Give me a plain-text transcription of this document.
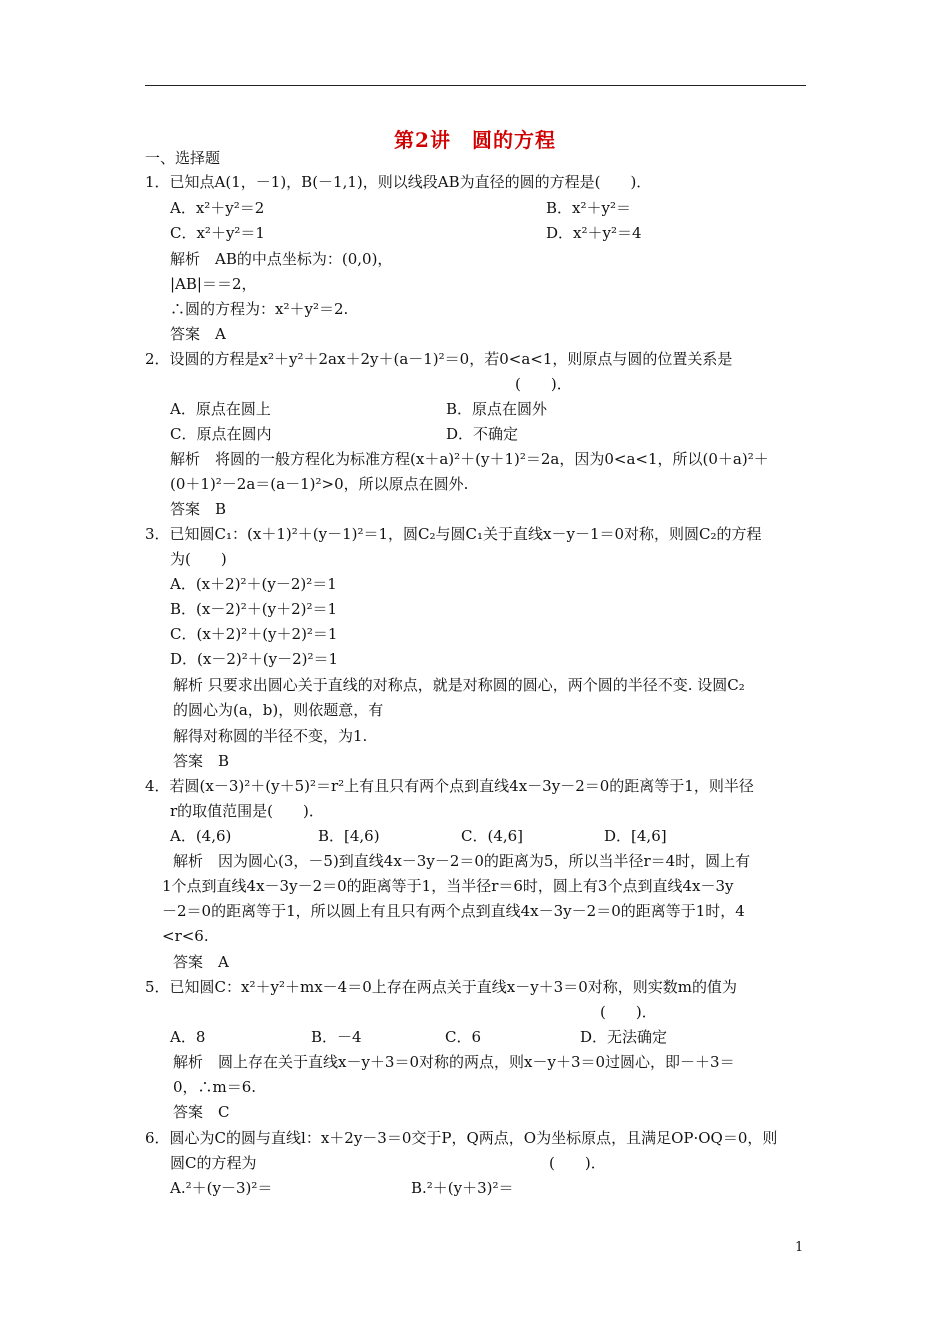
第2讲　圆的方程
一、选择题
1．已知点A(1，－1)，B(－1,1)，则以线段AB为直径的圆的方程是(　　)．
A．x²＋y²＝2	B．x²＋y²＝
C．x²＋y²＝1	D．x²＋y²＝4
解析　AB的中点坐标为：(0,0)，
|AB|＝＝2，
∴圆的方程为：x²＋y²＝2.
答案　A
2．设圆的方程是x²＋y²＋2ax＋2y＋(a－1)²＝0，若0<a<1，则原点与圆的位置关系是
(　　)．
A．原点在圆上	B．原点在圆外
C．原点在圆内	D．不确定
解析　将圆的一般方程化为标准方程(x＋a)²＋(y＋1)²＝2a，因为0<a<1，所以(0＋a)²＋
(0＋1)²－2a＝(a－1)²>0，所以原点在圆外.
答案　B
3．已知圆C₁：(x＋1)²＋(y－1)²＝1，圆C₂与圆C₁关于直线x－y－1＝0对称，则圆C₂的方程
为(　　)
A．(x＋2)²＋(y－2)²＝1
B．(x－2)²＋(y＋2)²＝1
C．(x＋2)²＋(y＋2)²＝1
D．(x－2)²＋(y－2)²＝1
解析 只要求出圆心关于直线的对称点，就是对称圆的圆心，两个圆的半径不变. 设圆C₂
的圆心为(a，b)，则依题意，有
解得对称圆的半径不变，为1.
答案　B
4．若圆(x－3)²＋(y＋5)²＝r²上有且只有两个点到直线4x－3y－2＝0的距离等于1，则半径
r的取值范围是(　　)．
A．(4,6)	B．[4,6)	C．(4,6]	D．[4,6]
解析　因为圆心(3，－5)到直线4x－3y－2＝0的距离为5，所以当半径r＝4时，圆上有
1个点到直线4x－3y－2＝0的距离等于1，当半径r＝6时，圆上有3个点到直线4x－3y
－2＝0的距离等于1，所以圆上有且只有两个点到直线4x－3y－2＝0的距离等于1时，4
<r<6.
答案　A
5．已知圆C：x²＋y²＋mx－4＝0上存在两点关于直线x－y＋3＝0对称，则实数m的值为
(　　)．
A．8	B．－4	C．6	D．无法确定
解析　圆上存在关于直线x－y＋3＝0对称的两点，则x－y＋3＝0过圆心，即－＋3＝
0，∴m＝6.
答案　C
6．圆心为C的圆与直线l：x＋2y－3＝0交于P，Q两点，O为坐标原点，且满足OP·OQ＝0，则
圆C的方程为	(　　)．
A.²＋(y－3)²＝	B.²＋(y＋3)²＝
1
